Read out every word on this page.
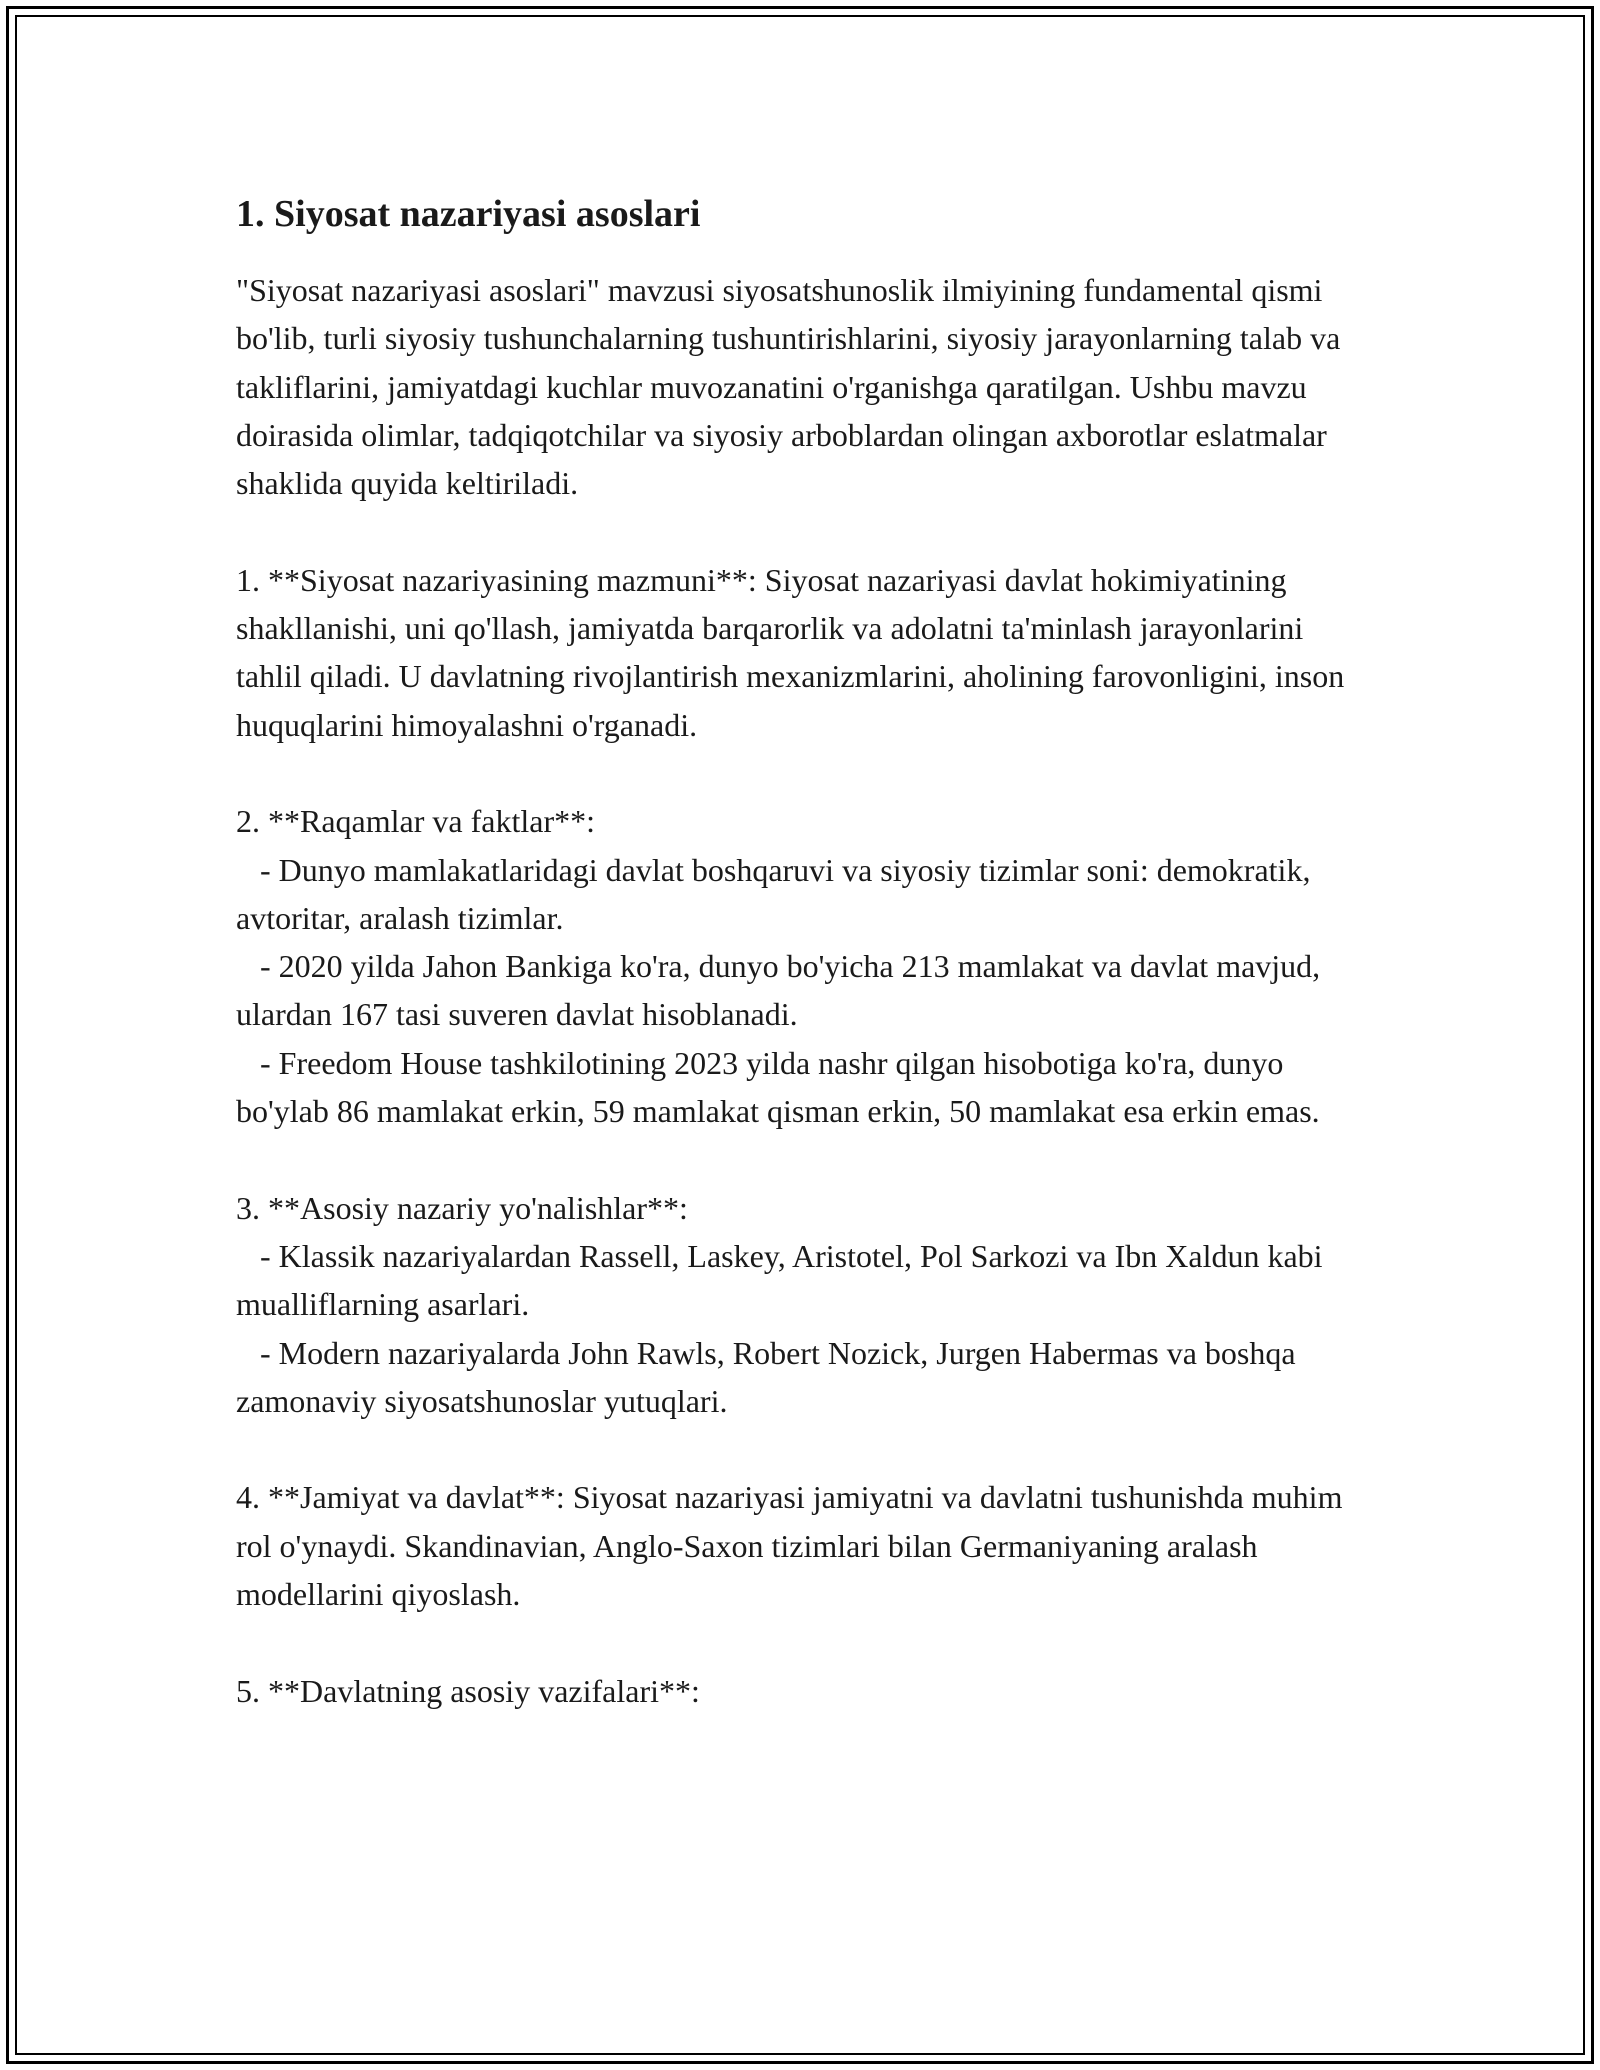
1. Siyosat nazariyasi asoslari

"Siyosat nazariyasi asoslari" mavzusi siyosatshunoslik ilmiyining fundamental qismi bo'lib, turli siyosiy tushunchalarning tushuntirishlarini, siyosiy jarayonlarning talab va takliflarini, jamiyatdagi kuchlar muvozanatini o'rganishga qaratilgan. Ushbu mavzu doirasida olimlar, tadqiqotchilar va siyosiy arboblardan olingan axborotlar eslatmalar shaklida quyida keltiriladi.

1. **Siyosat nazariyasining mazmuni**: Siyosat nazariyasi davlat hokimiyatining shakllanishi, uni qo'llash, jamiyatda barqarorlik va adolatni ta'minlash jarayonlarini tahlil qiladi. U davlatning rivojlantirish mexanizmlarini, aholining farovonligini, inson huquqlarini himoyalashni o'rganadi.

2. **Raqamlar va faktlar**:

- Dunyo mamlakatlaridagi davlat boshqaruvi va siyosiy tizimlar soni: demokratik, avtoritar, aralash tizimlar.

- 2020 yilda Jahon Bankiga ko'ra, dunyo bo'yicha 213 mamlakat va davlat mavjud, ulardan 167 tasi suveren davlat hisoblanadi.

- Freedom House tashkilotining 2023 yilda nashr qilgan hisobotiga ko'ra, dunyo bo'ylab 86 mamlakat erkin, 59 mamlakat qisman erkin, 50 mamlakat esa erkin emas.

3. **Asosiy nazariy yo'nalishlar**:

- Klassik nazariyalardan Rassell, Laskey, Aristotel, Pol Sarkozi va Ibn Xaldun kabi mualliflarning asarlari.

- Modern nazariyalarda John Rawls, Robert Nozick, Jurgen Habermas va boshqa zamonaviy siyosatshunoslar yutuqlari.

4. **Jamiyat va davlat**: Siyosat nazariyasi jamiyatni va davlatni tushunishda muhim rol o'ynaydi. Skandinavian, Anglo-Saxon tizimlari bilan Germaniyaning aralash modellarini qiyoslash.

5. **Davlatning asosiy vazifalari**:
